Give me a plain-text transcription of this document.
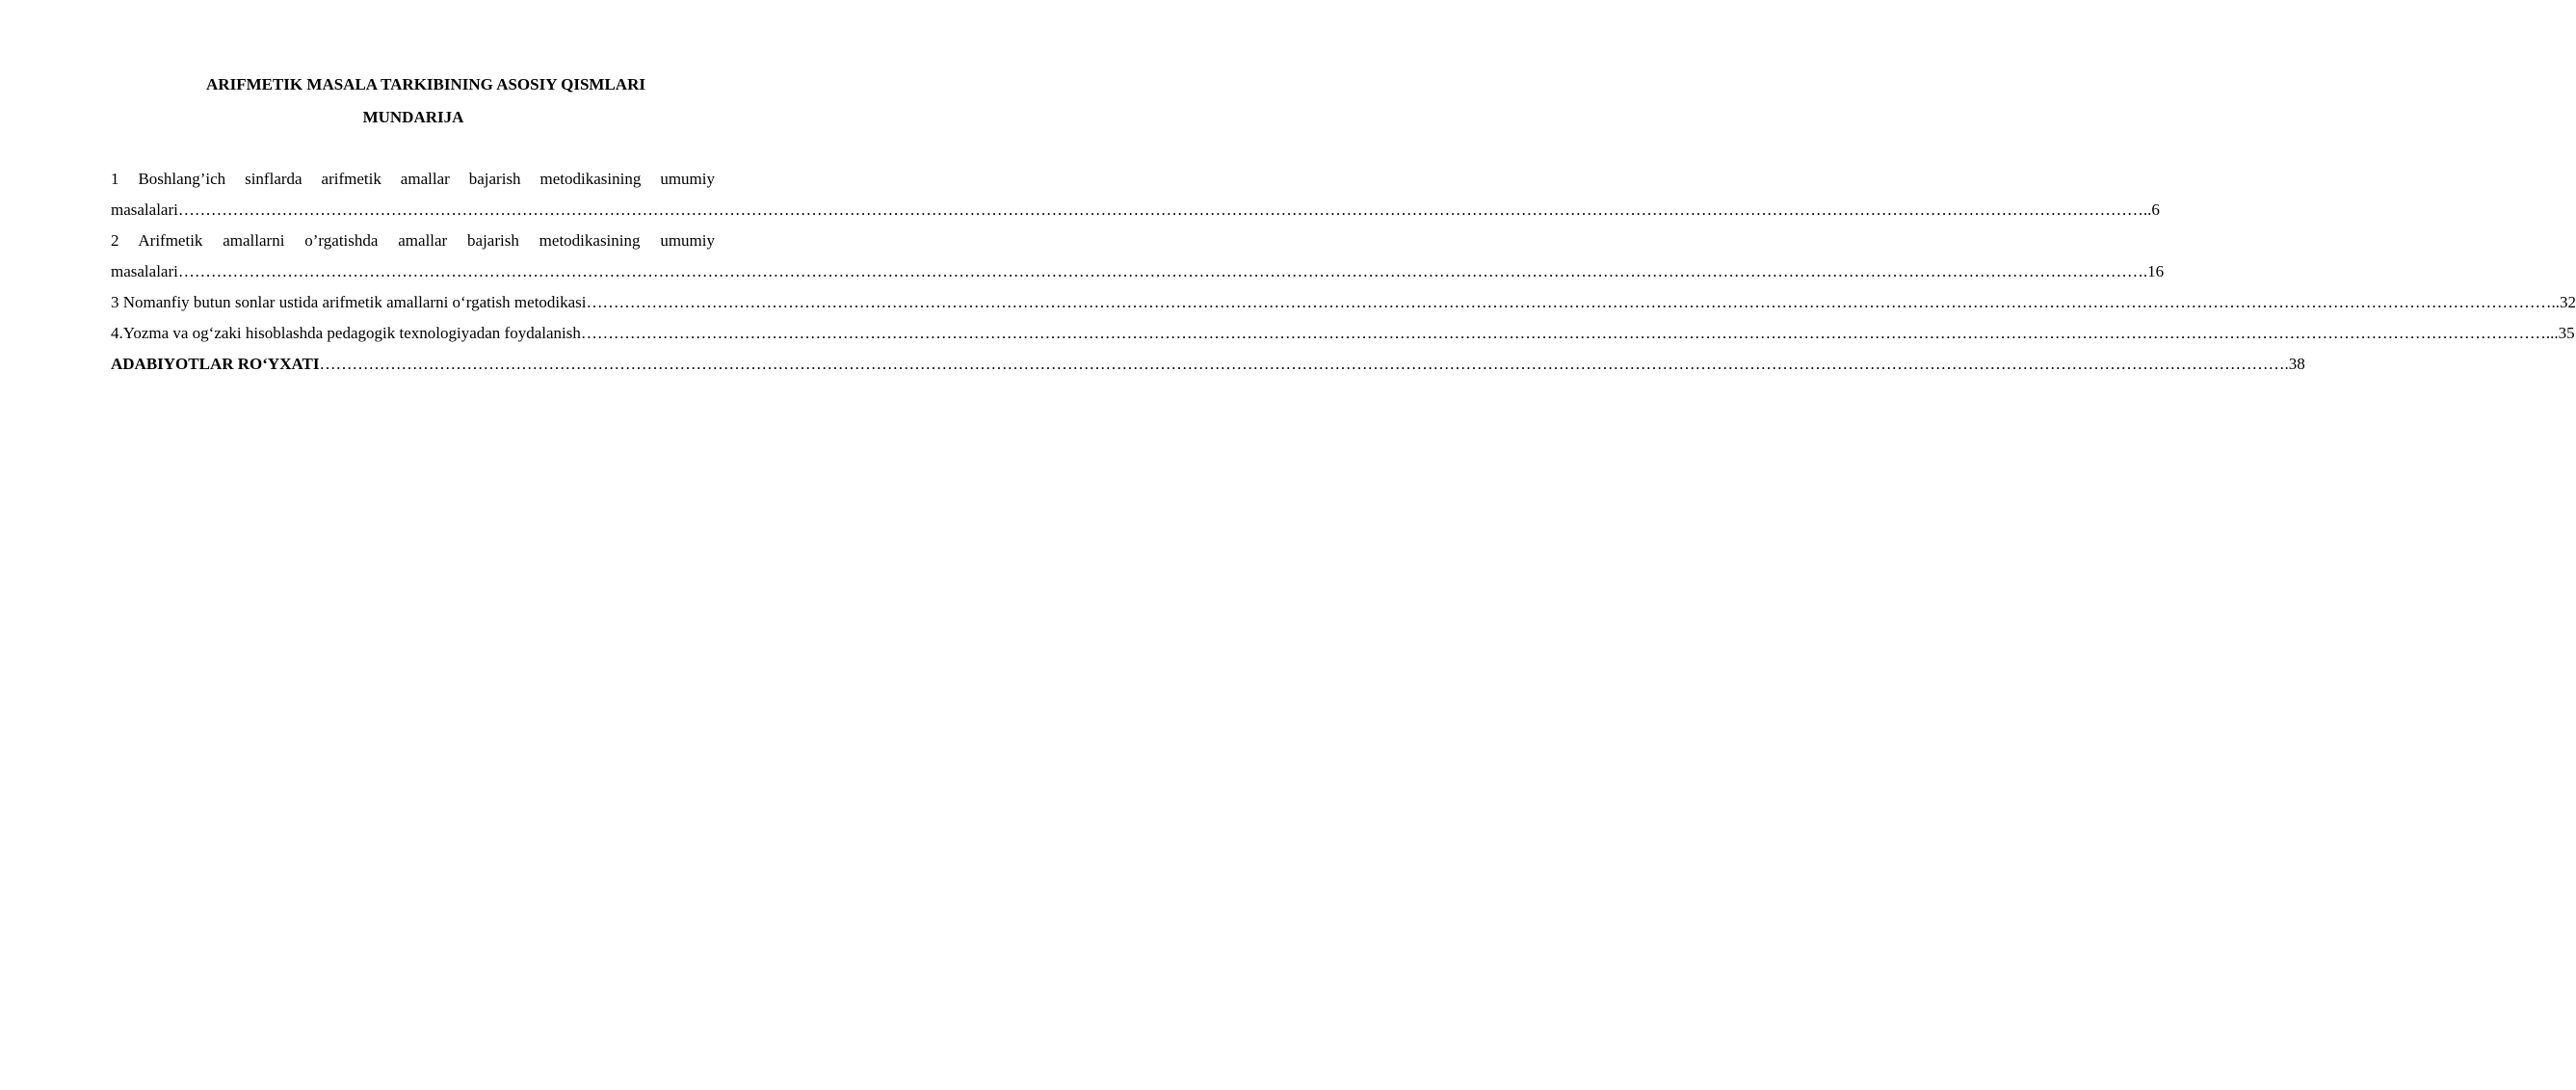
ARIFMETIK MASALA TARKIBINING ASOSIY QISMLARI
MUNDARIJA
1 Boshlang’ich sinflarda arifmetik amallar bajarish metodikasining umumiy
masalalari ……………………………………………………………………………………………………………………………………………………………………………………………………………………………………………………………………………………………………………………………… ..6
2 Arifmetik amallarni o’rgatishda amallar bajarish metodikasining umumiy
masalalari ……………………………………………………………………………………………………………………………………………………………………………………………………………………………………………………………………………………………………………………………… .16
3 Nomanfiy butun sonlar ustida arifmetik amallarni o‘rgatish metodikasi ……………………………………………………………………………………………………………………………………………………………………………………………………………………………………………………………………………………………………………………………… ..32
4.Yozma va og‘zaki hisoblashda pedagogik texnologiyadan foydalanish ……………………………………………………………………………………………………………………………………………………………………………………………………………………………………………………………………………………………………………………………… ...35
ADABIYOTLAR RO‘YXATI ……………………………………………………………………………………………………………………………………………………………………………………………………………………………………………………………………………………………………………………………… .38
